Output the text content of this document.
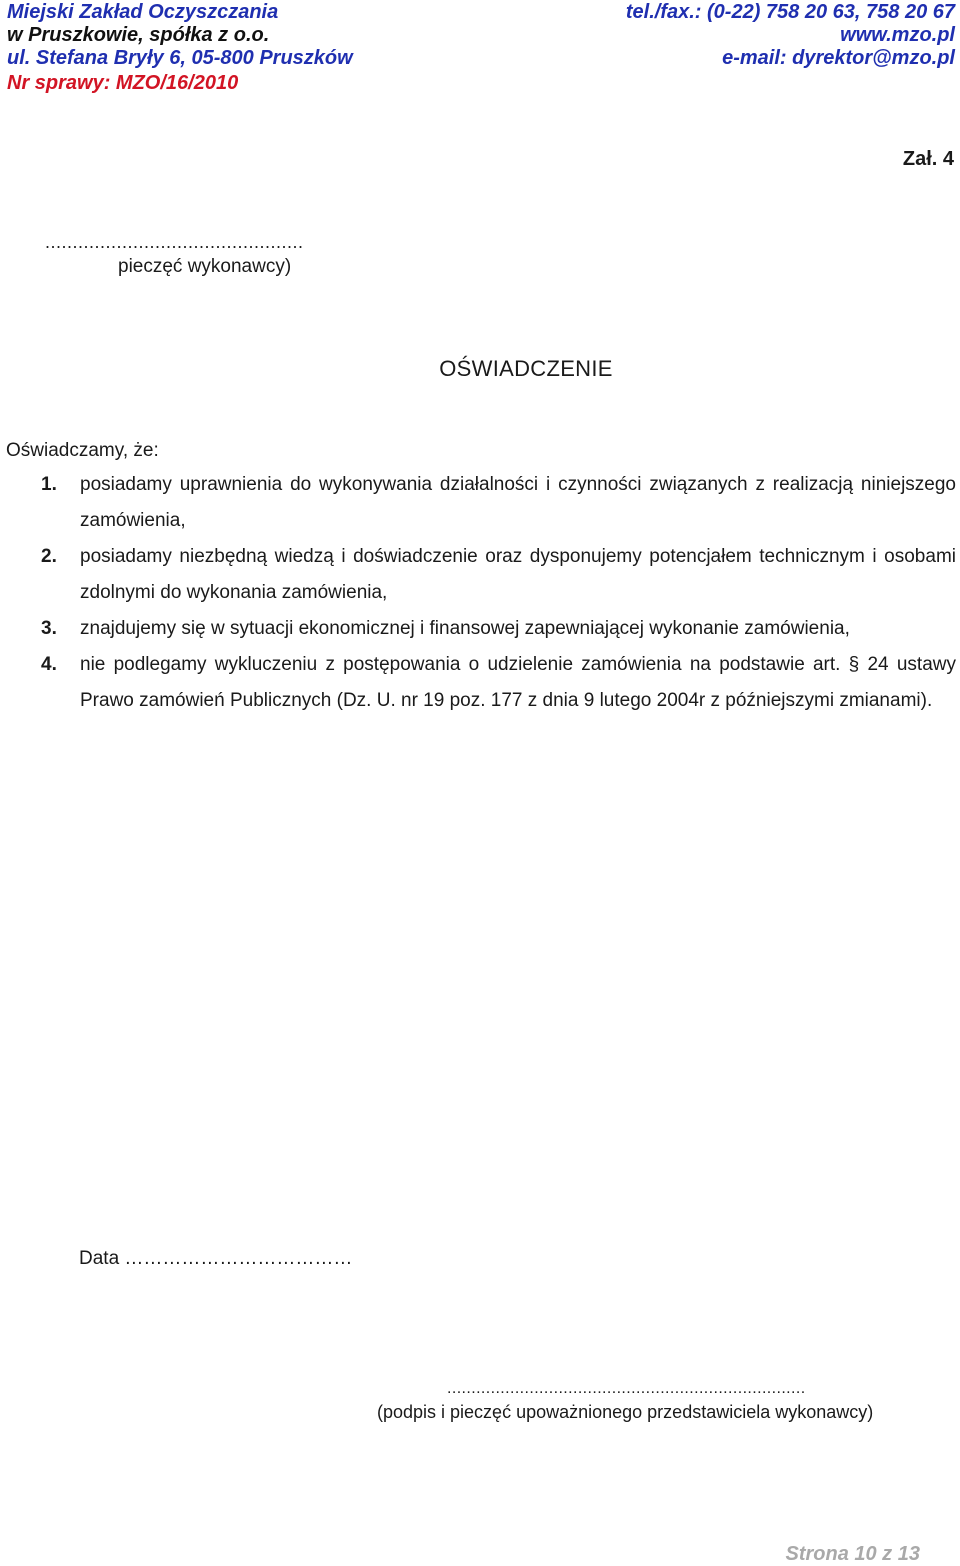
Miejski Zakład Oczyszczania
w Pruszkowie, spółka z o.o.
ul. Stefana Bryły 6, 05-800 Pruszków
Nr sprawy: MZO/16/2010
tel./fax.: (0-22) 758 20 63, 758 20 67
www.mzo.pl
e-mail: dyrektor@mzo.pl
Zał. 4
...............................................
pieczęć wykonawcy)
OŚWIADCZENIE
Oświadczamy, że:
1. posiadamy uprawnienia do wykonywania działalności i czynności związanych z realizacją niniejszego zamówienia,
2. posiadamy niezbędną wiedzą i doświadczenie oraz dysponujemy potencjałem technicznym i osobami zdolnymi do wykonania zamówienia,
3. znajdujemy się w sytuacji ekonomicznej i finansowej zapewniającej wykonanie zamówienia,
4. nie podlegamy wykluczeniu z postępowania o udzielenie zamówienia na podstawie art. § 24 ustawy Prawo zamówień Publicznych (Dz. U. nr 19 poz. 177 z dnia 9 lutego 2004r z późniejszymi zmianami).
Data ………………………………
..........................................................................
(podpis i pieczęć upoważnionego przedstawiciela wykonawcy)
Strona 10 z 13
